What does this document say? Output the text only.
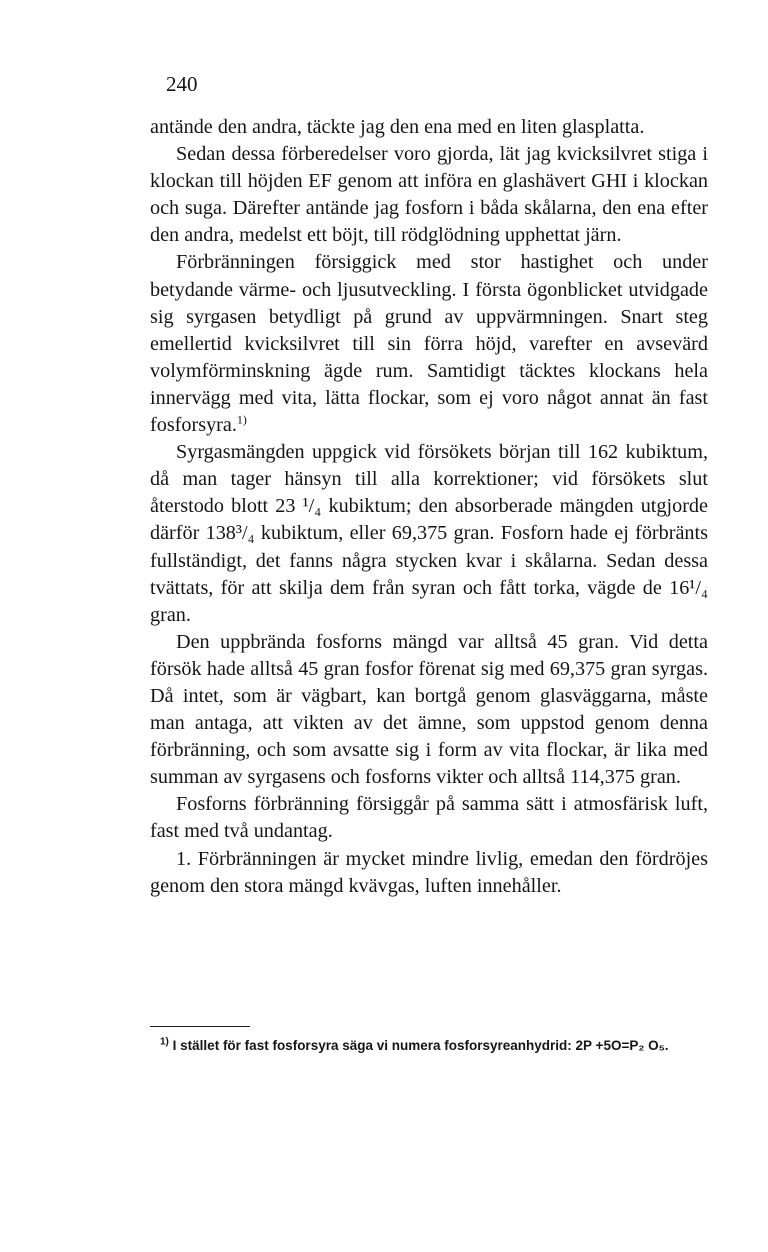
240

antände den andra, täckte jag den ena med en liten glasplatta.

Sedan dessa förberedelser voro gjorda, lät jag kvicksilvret stiga i klockan till höjden EF genom att införa en glashävert GHI i klockan och suga. Därefter antände jag fosforn i båda skålarna, den ena efter den andra, medelst ett böjt, till rödglödning upphettat järn.

Förbränningen försiggick med stor hastighet och under betydande värme- och ljusutveckling. I första ögonblicket utvidgade sig syrgasen betydligt på grund av uppvärmningen. Snart steg emellertid kvicksilvret till sin förra höjd, varefter en avsevärd volymförminskning ägde rum. Samtidigt täcktes klockans hela innervägg med vita, lätta flockar, som ej voro något annat än fast fosforsyra.$^{1)}$

Syrgasmängden uppgick vid försökets början till 162 kubiktum, då man tager hänsyn till alla korrektioner; vid försökets slut återstodo blott 23 ¹/₄ kubiktum; den absorberade mängden utgjorde därför 138³/₄ kubiktum, eller 69,375 gran. Fosforn hade ej förbränts fullständigt, det fanns några stycken kvar i skålarna. Sedan dessa tvättats, för att skilja dem från syran och fått torka, vägde de 16¹/₄ gran.

Den uppbrända fosforns mängd var alltså 45 gran. Vid detta försök hade alltså 45 gran fosfor förenat sig med 69,375 gran syrgas. Då intet, som är vägbart, kan bortgå genom glasväggarna, måste man antaga, att vikten av det ämne, som uppstod genom denna förbränning, och som avsatte sig i form av vita flockar, är lika med summan av syrgasens och fosforns vikter och alltså 114,375 gran.

Fosforns förbränning försiggår på samma sätt i atmosfärisk luft, fast med två undantag.

1. Förbränningen är mycket mindre livlig, emedan den fördröjes genom den stora mängd kvävgas, luften innehåller.

$^{1)}$ I stället för fast fosforsyra säga vi numera fosforsyreanhydrid: 2P +5O=P₂ O₅.
